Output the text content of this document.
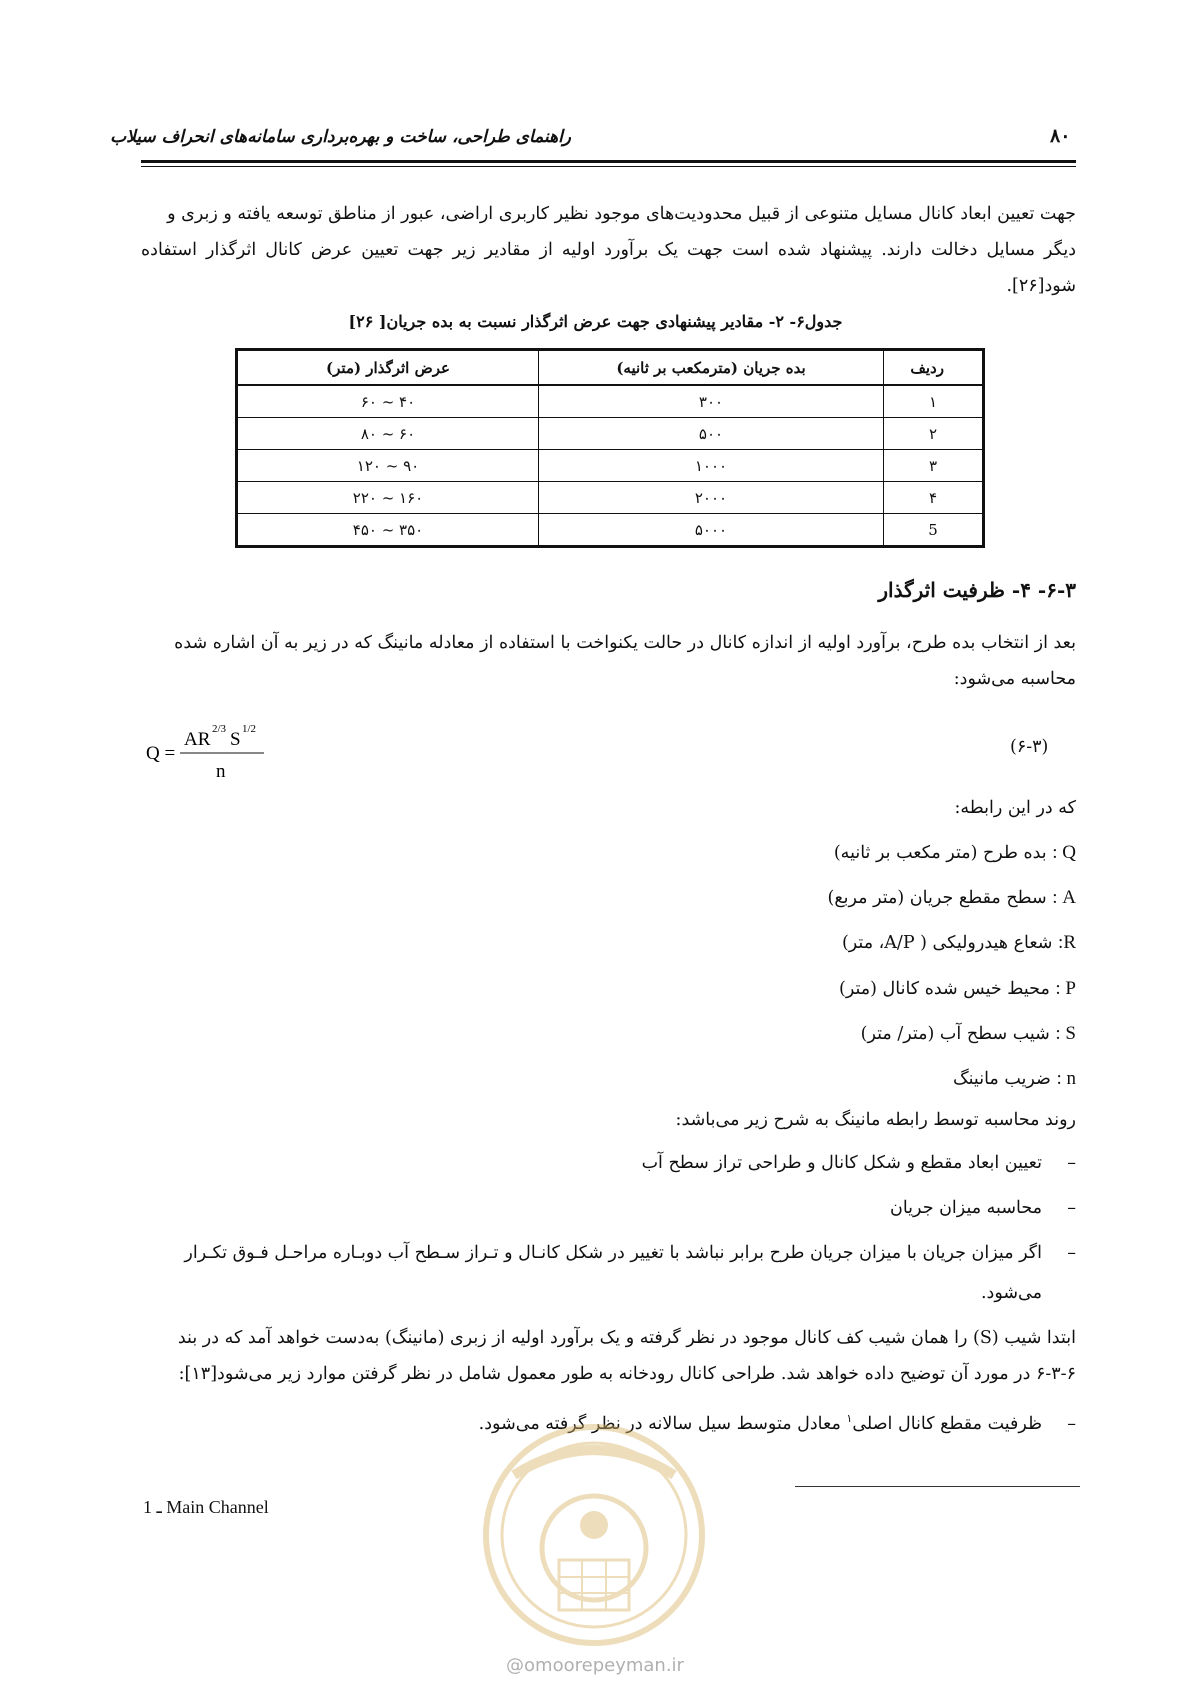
۸۰
راهنمای طراحی، ساخت و بهره‌برداری سامانه‌های انحراف سیلاب
جهت تعیین ابعاد کانال مسایل متنوعی از قبیل محدودیت‌های موجود نظیر کاربری اراضی، عبور از مناطق توسعه یافته و زبری و
دیگر مسایل دخالت دارند. پیشنهاد شده است جهت یک برآورد اولیه از مقادیر زیر جهت تعیین عرض کانال اثرگذار استفاده شود[۲۶].
جدول۶- ۲- مقادیر پیشنهادی جهت عرض اثرگذار نسبت به بده جریان[ ۲۶]
ردیف	بده جریان (مترمکعب بر ثانیه)	عرض اثرگذار (متر)
۱	۳۰۰	۴۰ ~ ۶۰
۲	۵۰۰	۶۰ ~ ۸۰
۳	۱۰۰۰	۹۰ ~ ۱۲۰
۴	۲۰۰۰	۱۶۰ ~ ۲۲۰
5	۵۰۰۰	۳۵۰ ~ ۴۵۰
۶-۳- ۴- ظرفیت اثرگذار
بعد از انتخاب بده طرح، برآورد اولیه از اندازه کانال در حالت یکنواخت با استفاده از معادله مانینگ که در زیر به آن اشاره شده
محاسبه می‌شود:
Q =
AR 2/3 S 1/2
n
(۶-۳)
که در این رابطه:
Q : بده طرح (متر مکعب بر ثانیه)
A : سطح مقطع جریان (متر مربع)
R: شعاع هیدرولیکی ( A/P، متر)
P : محیط خیس شده کانال (متر)
S : شیب سطح آب (متر/ متر)
n : ضریب مانینگ
روند محاسبه توسط رابطه مانینگ به شرح زیر می‌باشد:
–تعیین ابعاد مقطع و شکل کانال و طراحی تراز سطح آب
–محاسبه میزان جریان
–اگر میزان جریان با میزان جریان طرح برابر نباشد با تغییر در شکل کانـال و تـراز سـطح آب دوبـاره مراحـل فـوق تکـرار
می‌شود.
ابتدا شیب (S) را همان شیب کف کانال موجود در نظر گرفته و یک برآورد اولیه از زبری (مانینگ) به‌دست خواهد آمد که در بند
۶-۳-۶ در مورد آن توضیح داده خواهد شد. طراحی کانال رودخانه به طور معمول شامل در نظر گرفتن موارد زیر می‌شود[۱۳]:
–ظرفیت مقطع کانال اصلی$^۱$ معادل متوسط سیل سالانه در نظر گرفته می‌شود.
1 ـ Main Channel
@omoorepeyman.ir
